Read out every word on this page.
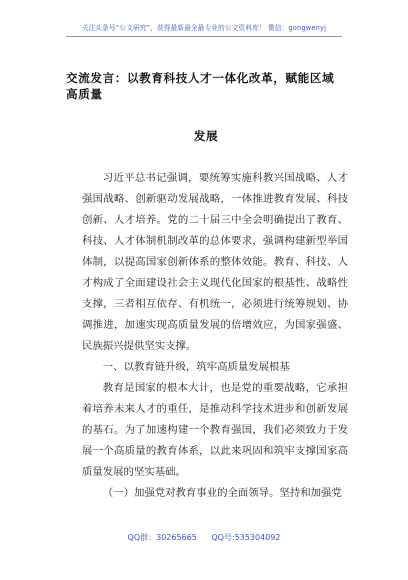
关注头条号“公文研究”，获得最新最全最专业的公文资料库！ 微信：gongwenyj
交流发言：以教育科技人才一体化改革，赋能区域高质量
发展

习近平总书记强调，要统筹实施科教兴国战略、人才强国战略、创新驱动发展战略，一体推进教育发展、科技创新、人才培养。党的二十届三中全会明确提出了教育、科技、人才体制机制改革的总体要求，强调构建新型举国体制，以提高国家创新体系的整体效能。教育、科技、人才构成了全面建设社会主义现代化国家的根基性、战略性支撑，三者相互依存、有机统一，必须进行统筹规划、协调推进，加速实现高质量发展的倍增效应，为国家强盛、民族振兴提供坚实支撑。

一、以教育链升级，筑牢高质量发展根基

教育是国家的根本大计，也是党的重要战略，它承担着培养未来人才的重任，是推动科学技术进步和创新发展的基石。为了加速构建一个教育强国，我们必须致力于发展一个高质量的教育体系，以此来巩固和筑牢支撑国家高质量发展的坚实基础。

（一）加强党对教育事业的全面领导。坚持和加强党

QQ群：30265665 QQ号:535304092
